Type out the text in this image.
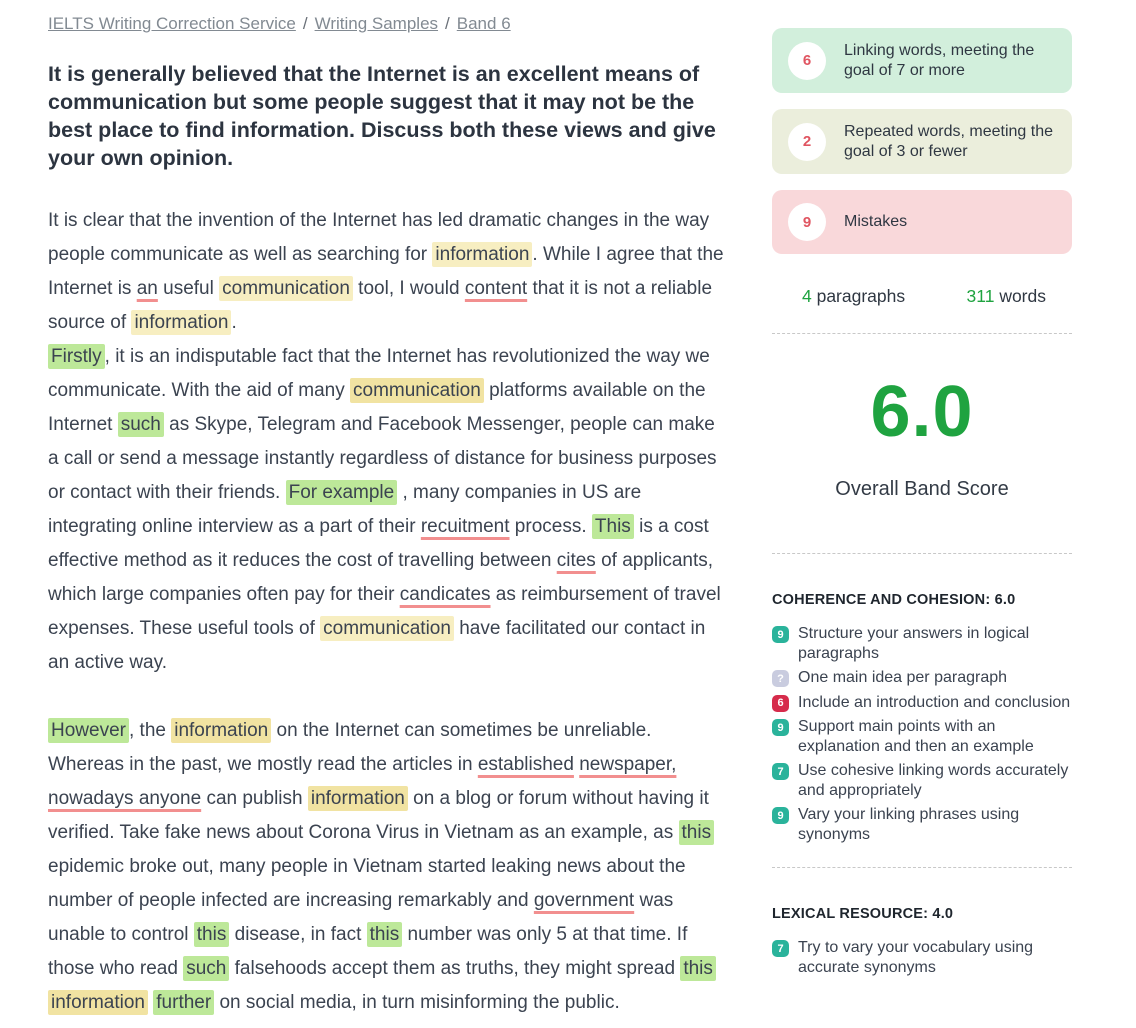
IELTS Writing Correction Service / Writing Samples / Band 6

It is generally believed that the Internet is an excellent means of communication but some people suggest that it may not be the best place to find information. Discuss both these views and give your own opinion.

It is clear that the invention of the Internet has led dramatic changes in the way people communicate as well as searching for information . While I agree that the Internet is an useful communication tool, I would content that it is not a reliable source of information .

Firstly , it is an indisputable fact that the Internet has revolutionized the way we communicate. With the aid of many communication platforms available on the Internet such as Skype, Telegram and Facebook Messenger, people can make a call or send a message instantly regardless of distance for business purposes or contact with their friends. For example , many companies in US are integrating online interview as a part of their recuitment process. This is a cost effective method as it reduces the cost of travelling between cites of applicants, which large companies often pay for their candicates as reimbursement of travel expenses. These useful tools of communication have facilitated our contact in an active way.

However , the information on the Internet can sometimes be unreliable. Whereas in the past, we mostly read the articles in established newspaper, nowadays anyone can publish information on a blog or forum without having it verified. Take fake news about Corona Virus in Vietnam as an example, as this epidemic broke out, many people in Vietnam started leaking news about the number of people infected are increasing remarkably and government was unable to control this disease, in fact this number was only 5 at that time. If those who read such falsehoods accept them as truths, they might spread this information further on social media, in turn misinforming the public.

6
Linking words, meeting the goal of 7 or more
2
Repeated words, meeting the goal of 3 or fewer
9	Mistakes
4 paragraphs	311 words
6.0
Overall Band Score
COHERENCE AND COHESION: 6.0
9 Structure your answers in logical paragraphs
? One main idea per paragraph
6 Include an introduction and conclusion
9 Support main points with an explanation and then an example
7 Use cohesive linking words accurately and appropriately
9 Vary your linking phrases using synonyms
LEXICAL RESOURCE: 4.0
7 Try to vary your vocabulary using accurate synonyms
